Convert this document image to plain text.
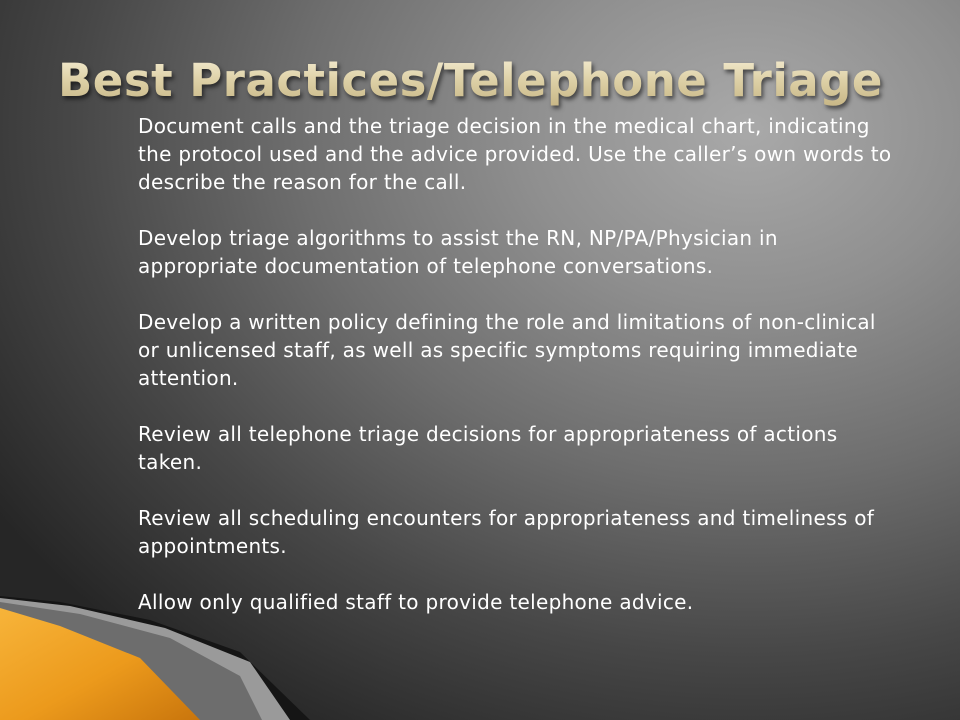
Best Practices/Telephone Triage

Document calls and the triage decision in the medical chart, indicating the protocol used and the advice provided. Use the caller’s own words to describe the reason for the call.

Develop triage algorithms to assist the RN, NP/PA/Physician in appropriate documentation of telephone conversations.

Develop a written policy defining the role and limitations of non-clinical or unlicensed staff, as well as specific symptoms requiring immediate attention.

Review all telephone triage decisions for appropriateness of actions taken.

Review all scheduling encounters for appropriateness and timeliness of appointments.

Allow only qualified staff to provide telephone advice.
